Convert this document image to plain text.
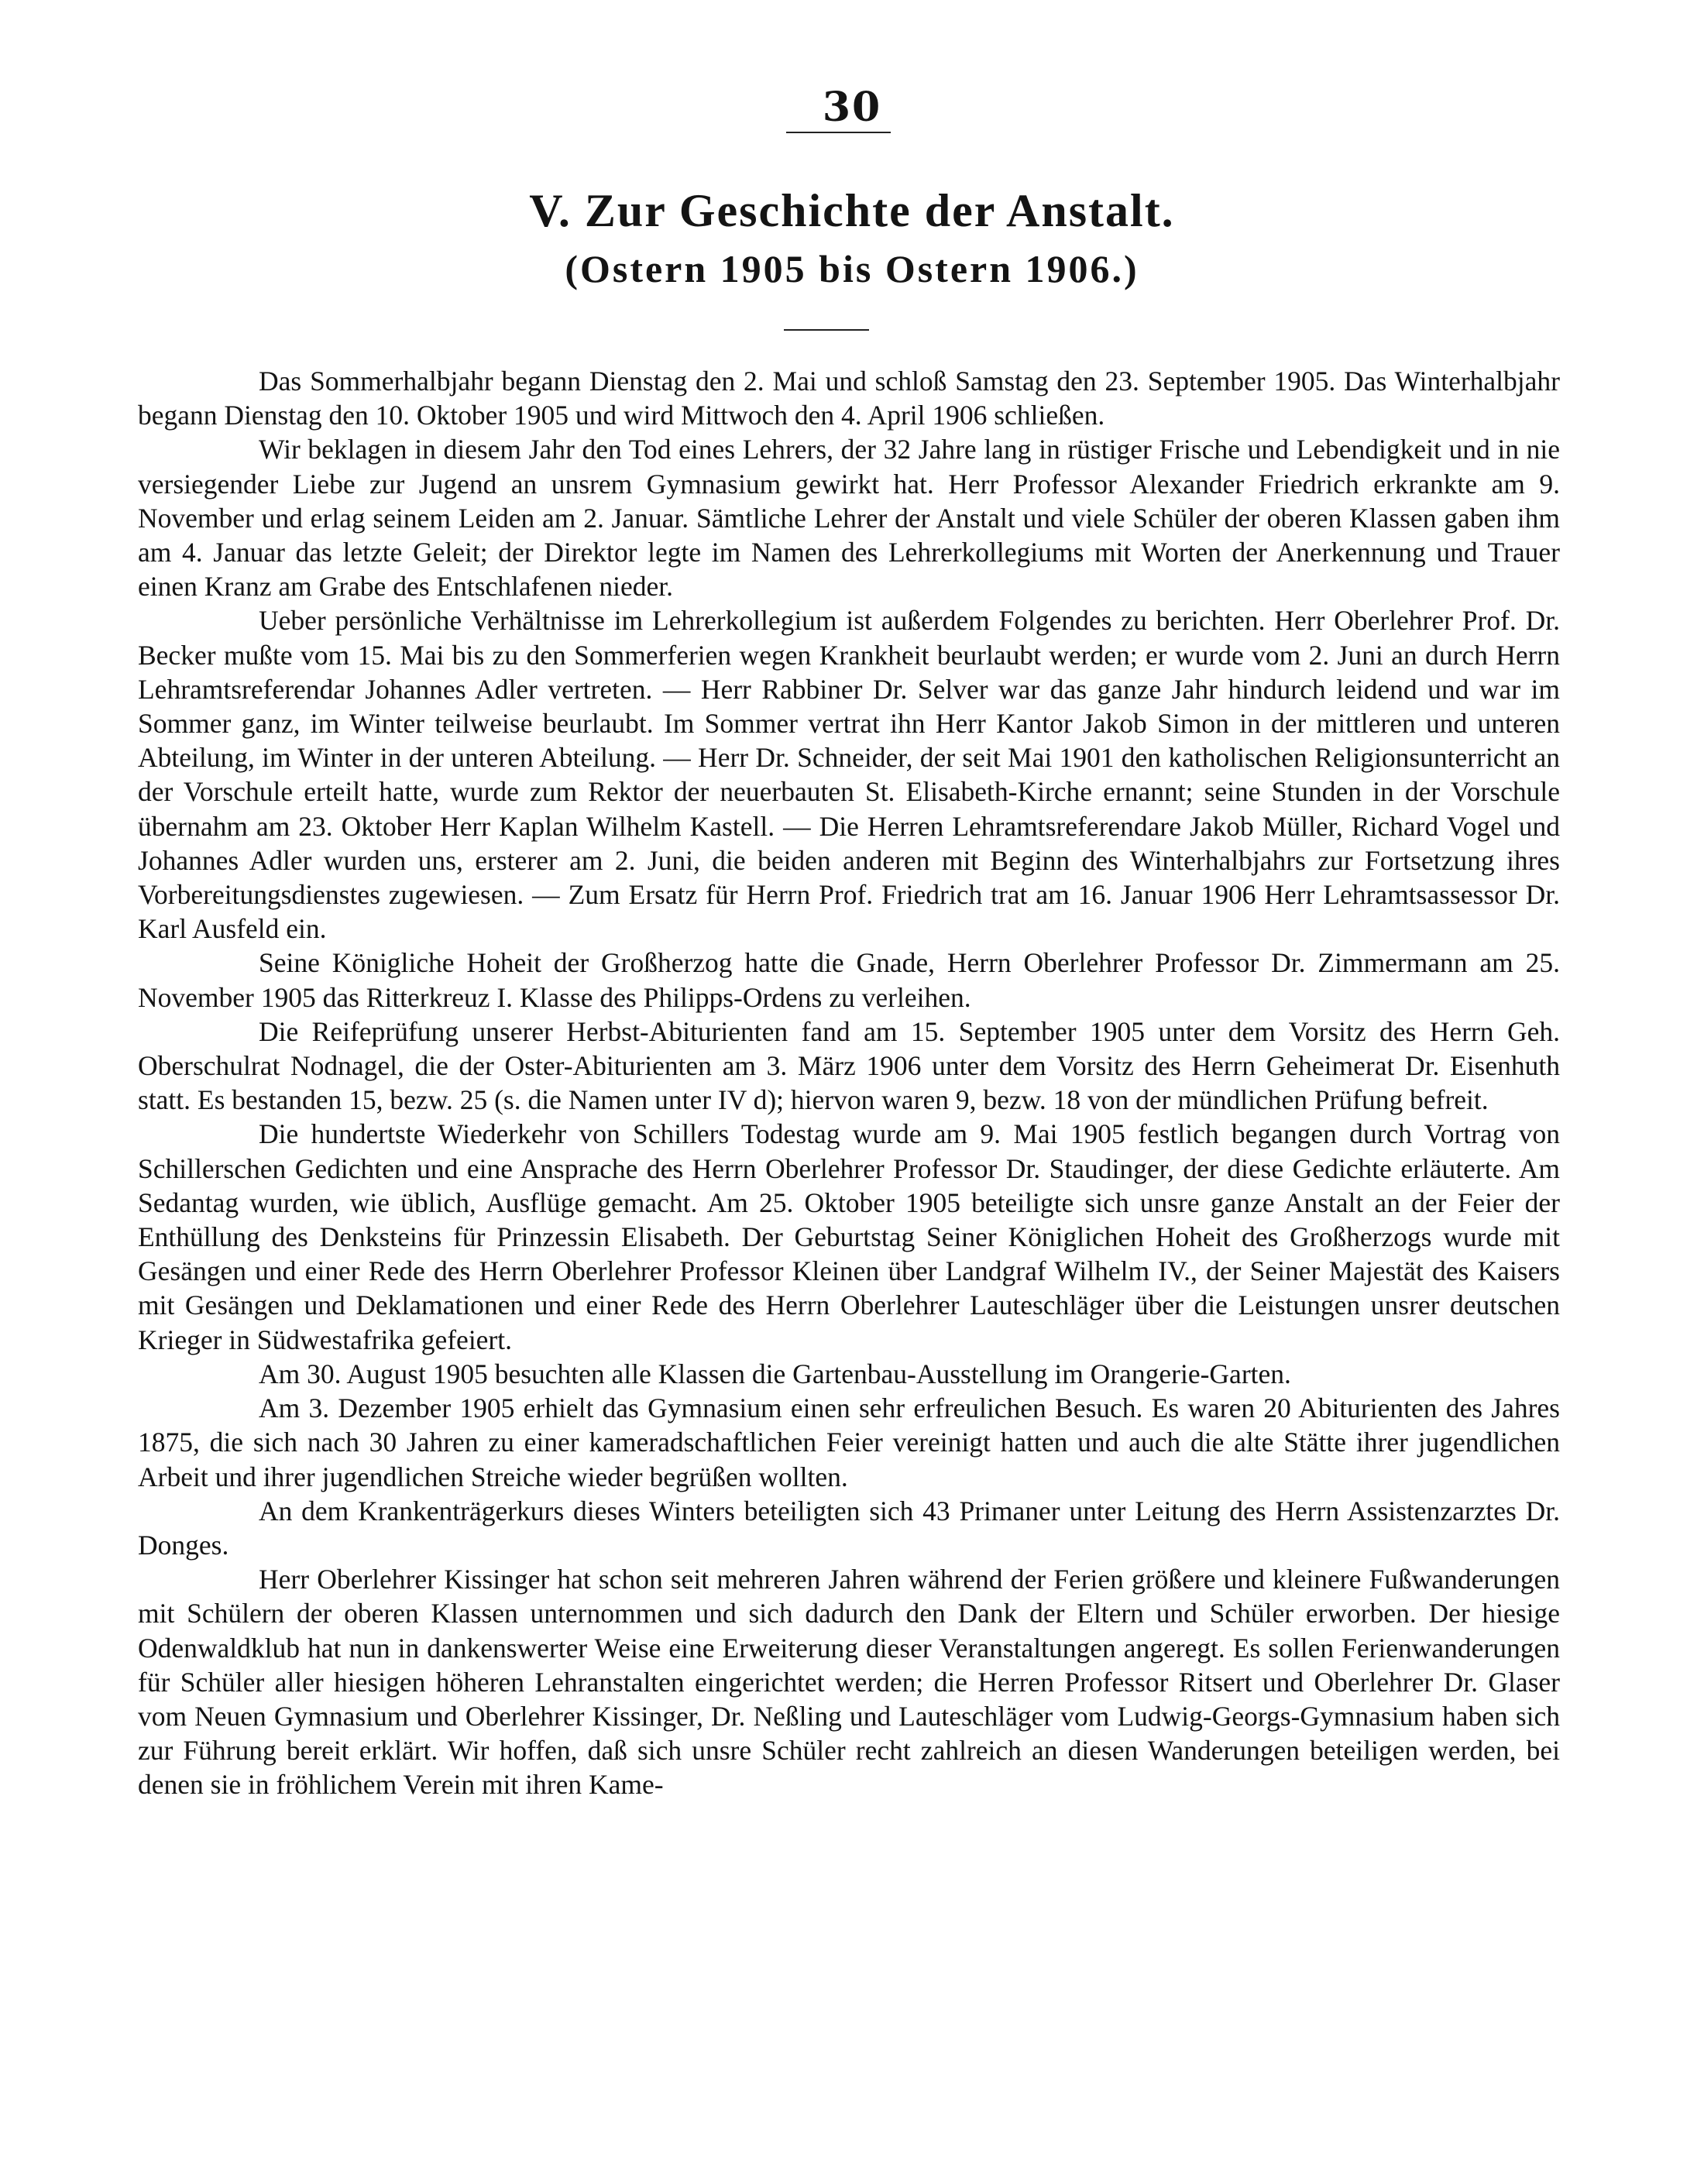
30
V. Zur Geschichte der Anstalt.
(Ostern 1905 bis Ostern 1906.)

Das Sommerhalbjahr begann Dienstag den 2. Mai und schloß Samstag den 23. September 1905. Das Winterhalbjahr begann Dienstag den 10. Oktober 1905 und wird Mittwoch den 4. April 1906 schließen.

Wir beklagen in diesem Jahr den Tod eines Lehrers, der 32 Jahre lang in rüstiger Frische und Lebendigkeit und in nie versiegender Liebe zur Jugend an unsrem Gymnasium gewirkt hat. Herr Professor Alexander Friedrich erkrankte am 9. November und erlag seinem Leiden am 2. Januar. Sämtliche Lehrer der Anstalt und viele Schüler der oberen Klassen gaben ihm am 4. Januar das letzte Geleit; der Direktor legte im Namen des Lehrerkollegiums mit Worten der Anerkennung und Trauer einen Kranz am Grabe des Entschlafenen nieder.

Ueber persönliche Verhältnisse im Lehrerkollegium ist außerdem Folgendes zu berichten. Herr Oberlehrer Prof. Dr. Becker mußte vom 15. Mai bis zu den Sommerferien wegen Krankheit beurlaubt werden; er wurde vom 2. Juni an durch Herrn Lehramtsreferendar Johannes Adler vertreten. — Herr Rabbiner Dr. Selver war das ganze Jahr hindurch leidend und war im Sommer ganz, im Winter teilweise beurlaubt. Im Sommer vertrat ihn Herr Kantor Jakob Simon in der mittleren und unteren Abteilung, im Winter in der unteren Abteilung. — Herr Dr. Schneider, der seit Mai 1901 den katholischen Religionsunterricht an der Vorschule erteilt hatte, wurde zum Rektor der neuerbauten St. Elisabeth-Kirche ernannt; seine Stunden in der Vorschule übernahm am 23. Oktober Herr Kaplan Wilhelm Kastell. — Die Herren Lehramtsreferendare Jakob Müller, Richard Vogel und Johannes Adler wurden uns, ersterer am 2. Juni, die beiden anderen mit Beginn des Winterhalbjahrs zur Fortsetzung ihres Vorbereitungsdienstes zugewiesen. — Zum Ersatz für Herrn Prof. Friedrich trat am 16. Januar 1906 Herr Lehramtsassessor Dr. Karl Ausfeld ein.

Seine Königliche Hoheit der Großherzog hatte die Gnade, Herrn Oberlehrer Professor Dr. Zimmermann am 25. November 1905 das Ritterkreuz I. Klasse des Philipps-Ordens zu verleihen.

Die Reifeprüfung unserer Herbst-Abiturienten fand am 15. September 1905 unter dem Vorsitz des Herrn Geh. Oberschulrat Nodnagel, die der Oster-Abiturienten am 3. März 1906 unter dem Vorsitz des Herrn Geheimerat Dr. Eisenhuth statt. Es bestanden 15, bezw. 25 (s. die Namen unter IV d); hiervon waren 9, bezw. 18 von der mündlichen Prüfung befreit.

Die hundertste Wiederkehr von Schillers Todestag wurde am 9. Mai 1905 festlich begangen durch Vortrag von Schillerschen Gedichten und eine Ansprache des Herrn Oberlehrer Professor Dr. Staudinger, der diese Gedichte erläuterte. Am Sedantag wurden, wie üblich, Ausflüge gemacht. Am 25. Oktober 1905 beteiligte sich unsre ganze Anstalt an der Feier der Enthüllung des Denksteins für Prinzessin Elisabeth. Der Geburtstag Seiner Königlichen Hoheit des Großherzogs wurde mit Gesängen und einer Rede des Herrn Oberlehrer Professor Kleinen über Landgraf Wilhelm IV., der Seiner Majestät des Kaisers mit Gesängen und Deklamationen und einer Rede des Herrn Oberlehrer Lauteschläger über die Leistungen unsrer deutschen Krieger in Südwestafrika gefeiert.

Am 30. August 1905 besuchten alle Klassen die Gartenbau-Ausstellung im Orangerie-Garten.

Am 3. Dezember 1905 erhielt das Gymnasium einen sehr erfreulichen Besuch. Es waren 20 Abiturienten des Jahres 1875, die sich nach 30 Jahren zu einer kameradschaftlichen Feier vereinigt hatten und auch die alte Stätte ihrer jugendlichen Arbeit und ihrer jugendlichen Streiche wieder begrüßen wollten.

An dem Krankenträgerkurs dieses Winters beteiligten sich 43 Primaner unter Leitung des Herrn Assistenzarztes Dr. Donges.

Herr Oberlehrer Kissinger hat schon seit mehreren Jahren während der Ferien größere und kleinere Fußwanderungen mit Schülern der oberen Klassen unternommen und sich dadurch den Dank der Eltern und Schüler erworben. Der hiesige Odenwaldklub hat nun in dankenswerter Weise eine Erweiterung dieser Veranstaltungen angeregt. Es sollen Ferienwanderungen für Schüler aller hiesigen höheren Lehranstalten eingerichtet werden; die Herren Professor Ritsert und Oberlehrer Dr. Glaser vom Neuen Gymnasium und Oberlehrer Kissinger, Dr. Neßling und Lauteschläger vom Ludwig-Georgs-Gymnasium haben sich zur Führung bereit erklärt. Wir hoffen, daß sich unsre Schüler recht zahlreich an diesen Wanderungen beteiligen werden, bei denen sie in fröhlichem Verein mit ihren Kame-
